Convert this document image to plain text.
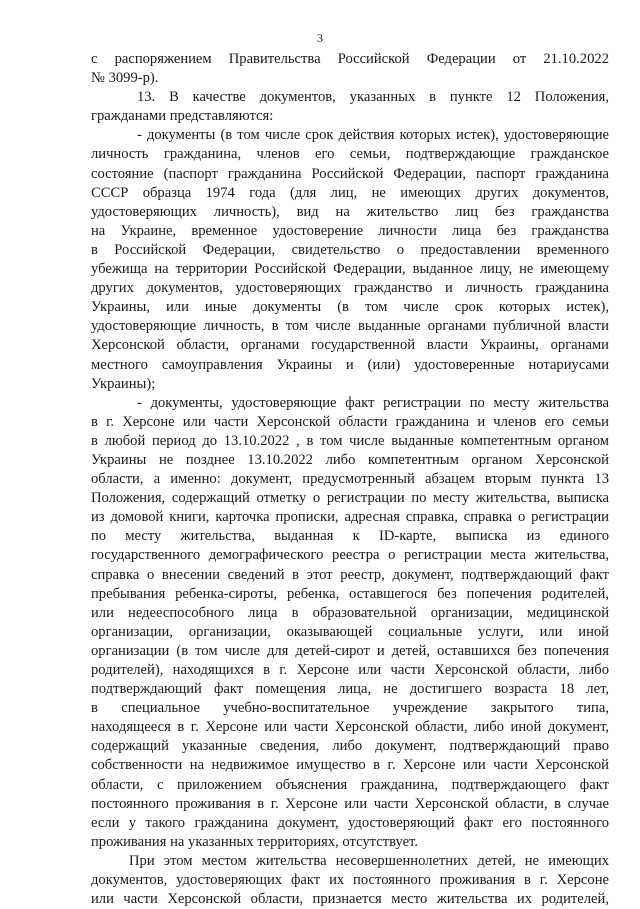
3
с распоряжением Правительства Российской Федерации от 21.10.2022
№ 3099-р).
13. В качестве документов, указанных в пункте 12 Положения,
гражданами представляются:
- документы (в том числе срок действия которых истек), удостоверяющие
личность гражданина, членов его семьи, подтверждающие гражданское
состояние (паспорт гражданина Российской Федерации, паспорт гражданина
СССР образца 1974 года (для лиц, не имеющих других документов,
удостоверяющих личность), вид на жительство лиц без гражданства
на Украине, временное удостоверение личности лица без гражданства
в Российской Федерации, свидетельство о предоставлении временного
убежища на территории Российской Федерации, выданное лицу, не имеющему
других документов, удостоверяющих гражданство и личность гражданина
Украины, или иные документы (в том числе срок которых истек),
удостоверяющие личность, в том числе выданные органами публичной власти
Херсонской области, органами государственной власти Украины, органами
местного самоуправления Украины и (или) удостоверенные нотариусами
Украины);
- документы, удостоверяющие факт регистрации по месту жительства
в г. Херсоне или части Херсонской области гражданина и членов его семьи
в любой период до 13.10.2022 , в том числе выданные компетентным органом
Украины не позднее 13.10.2022 либо компетентным органом Херсонской
области, а именно: документ, предусмотренный абзацем вторым пункта 13
Положения, содержащий отметку о регистрации по месту жительства, выписка
из домовой книги, карточка прописки, адресная справка, справка о регистрации
по месту жительства, выданная к ID-карте, выписка из единого
государственного демографического реестра о регистрации места жительства,
справка о внесении сведений в этот реестр, документ, подтверждающий факт
пребывания ребенка-сироты, ребенка, оставшегося без попечения родителей,
или недееспособного лица в образовательной организации, медицинской
организации, организации, оказывающей социальные услуги, или иной
организации (в том числе для детей-сирот и детей, оставшихся без попечения
родителей), находящихся в г. Херсоне или части Херсонской области, либо
подтверждающий факт помещения лица, не достигшего возраста 18 лет,
в специальное учебно-воспитательное учреждение закрытого типа,
находящееся в г. Херсоне или части Херсонской области, либо иной документ,
содержащий указанные сведения, либо документ, подтверждающий право
собственности на недвижимое имущество в г. Херсоне или части Херсонской
области, с приложением объяснения гражданина, подтверждающего факт
постоянного проживания в г. Херсоне или части Херсонской области, в случае
если у такого гражданина документ, удостоверяющий факт его постоянного
проживания на указанных территориях, отсутствует.
При этом местом жительства несовершеннолетних детей, не имеющих
документов, удостоверяющих факт их постоянного проживания в г. Херсоне
или части Херсонской области, признается место жительства их родителей,
